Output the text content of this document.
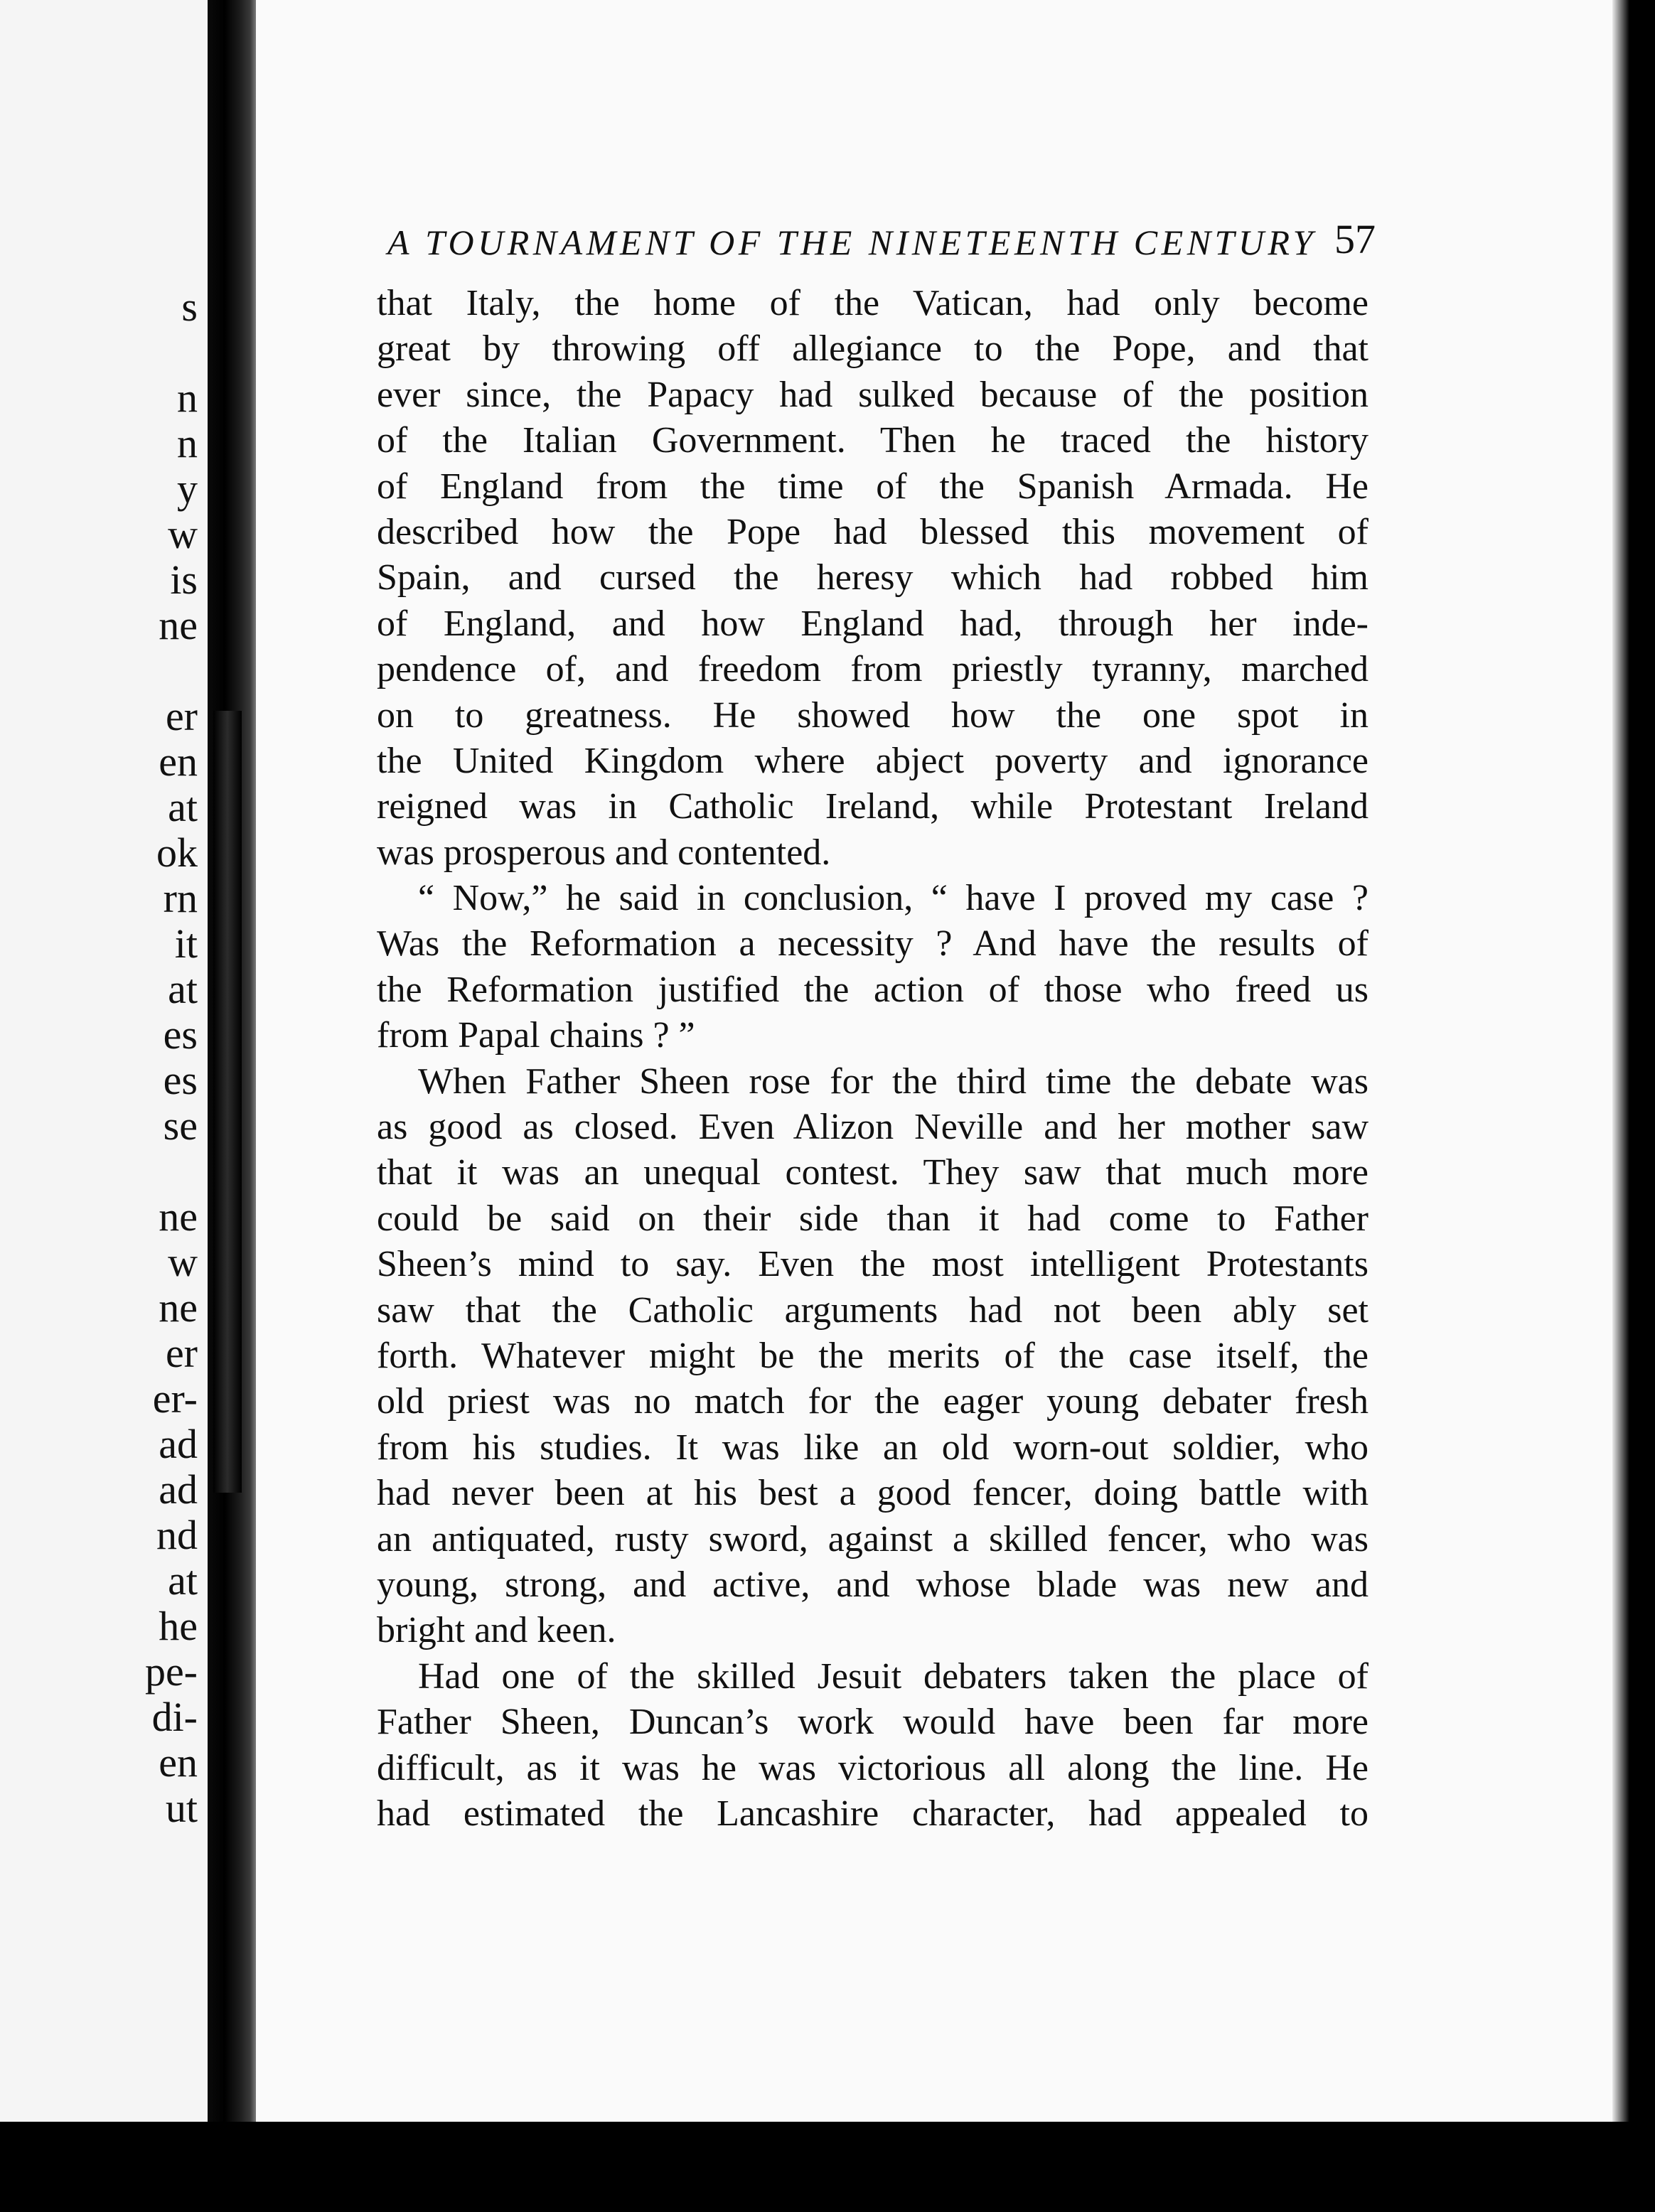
s
n
n
y
w
is
ne
er
en
at
ok
rn
it
at
es
es
se
ne
w
ne
er
er-
ad
ad
nd
at
he
pe-
di-
en
ut
A TOURNAMENT OF THE NINETEENTH CENTURY 57
that Italy, the home of the Vatican, had only become
great by throwing off allegiance to the Pope, and that
ever since, the Papacy had sulked because of the position
of the Italian Government. Then he traced the history
of England from the time of the Spanish Armada. He
described how the Pope had blessed this movement of
Spain, and cursed the heresy which had robbed him
of England, and how England had, through her inde-
pendence of, and freedom from priestly tyranny, marched
on to greatness. He showed how the one spot in
the United Kingdom where abject poverty and ignorance
reigned was in Catholic Ireland, while Protestant Ireland
was prosperous and contented.
“ Now,” he said in conclusion, “ have I proved my case ?
Was the Reformation a necessity ? And have the results of
the Reformation justified the action of those who freed us
from Papal chains ? ”
When Father Sheen rose for the third time the debate was
as good as closed. Even Alizon Neville and her mother saw
that it was an unequal contest. They saw that much more
could be said on their side than it had come to Father
Sheen’s mind to say. Even the most intelligent Protestants
saw that the Catholic arguments had not been ably set
forth. Whatever might be the merits of the case itself, the
old priest was no match for the eager young debater fresh
from his studies. It was like an old worn-out soldier, who
had never been at his best a good fencer, doing battle with
an antiquated, rusty sword, against a skilled fencer, who was
young, strong, and active, and whose blade was new and
bright and keen.
Had one of the skilled Jesuit debaters taken the place of
Father Sheen, Duncan’s work would have been far more
difficult, as it was he was victorious all along the line. He
had estimated the Lancashire character, had appealed to
